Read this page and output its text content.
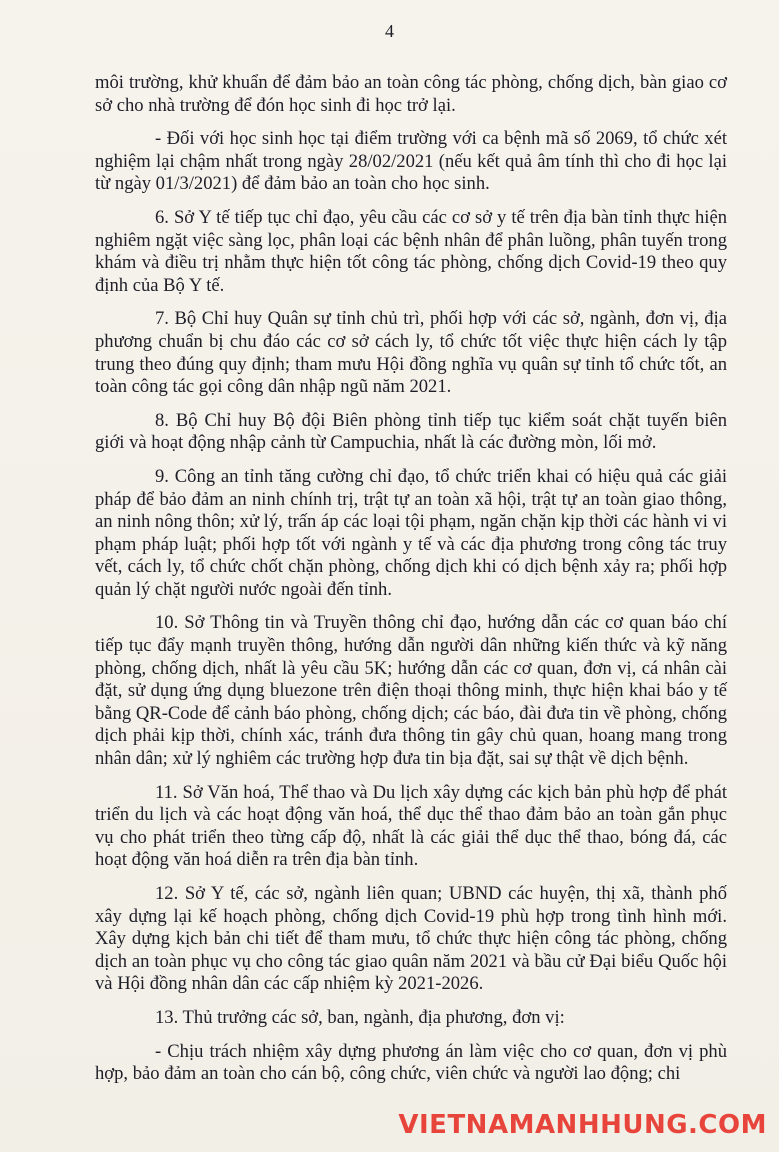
4

môi trường, khử khuẩn để đảm bảo an toàn công tác phòng, chống dịch, bàn giao cơ sở cho nhà trường để đón học sinh đi học trở lại.

- Đối với học sinh học tại điểm trường với ca bệnh mã số 2069, tổ chức xét nghiệm lại chậm nhất trong ngày 28/02/2021 (nếu kết quả âm tính thì cho đi học lại từ ngày 01/3/2021) để đảm bảo an toàn cho học sinh.

6. Sở Y tế tiếp tục chỉ đạo, yêu cầu các cơ sở y tế trên địa bàn tỉnh thực hiện nghiêm ngặt việc sàng lọc, phân loại các bệnh nhân để phân luồng, phân tuyến trong khám và điều trị nhằm thực hiện tốt công tác phòng, chống dịch Covid-19 theo quy định của Bộ Y tế.

7. Bộ Chỉ huy Quân sự tỉnh chủ trì, phối hợp với các sở, ngành, đơn vị, địa phương chuẩn bị chu đáo các cơ sở cách ly, tổ chức tốt việc thực hiện cách ly tập trung theo đúng quy định; tham mưu Hội đồng nghĩa vụ quân sự tỉnh tổ chức tốt, an toàn công tác gọi công dân nhập ngũ năm 2021.

8. Bộ Chỉ huy Bộ đội Biên phòng tỉnh tiếp tục kiểm soát chặt tuyến biên giới và hoạt động nhập cảnh từ Campuchia, nhất là các đường mòn, lối mở.

9. Công an tỉnh tăng cường chỉ đạo, tổ chức triển khai có hiệu quả các giải pháp để bảo đảm an ninh chính trị, trật tự an toàn xã hội, trật tự an toàn giao thông, an ninh nông thôn; xử lý, trấn áp các loại tội phạm, ngăn chặn kịp thời các hành vi vi phạm pháp luật; phối hợp tốt với ngành y tế và các địa phương trong công tác truy vết, cách ly, tổ chức chốt chặn phòng, chống dịch khi có dịch bệnh xảy ra; phối hợp quản lý chặt người nước ngoài đến tỉnh.

10. Sở Thông tin và Truyền thông chỉ đạo, hướng dẫn các cơ quan báo chí tiếp tục đẩy mạnh truyền thông, hướng dẫn người dân những kiến thức và kỹ năng phòng, chống dịch, nhất là yêu cầu 5K; hướng dẫn các cơ quan, đơn vị, cá nhân cài đặt, sử dụng ứng dụng bluezone trên điện thoại thông minh, thực hiện khai báo y tế bằng QR-Code để cảnh báo phòng, chống dịch; các báo, đài đưa tin về phòng, chống dịch phải kịp thời, chính xác, tránh đưa thông tin gây chủ quan, hoang mang trong nhân dân; xử lý nghiêm các trường hợp đưa tin bịa đặt, sai sự thật về dịch bệnh.

11. Sở Văn hoá, Thể thao và Du lịch xây dựng các kịch bản phù hợp để phát triển du lịch và các hoạt động văn hoá, thể dục thể thao đảm bảo an toàn gắn phục vụ cho phát triển theo từng cấp độ, nhất là các giải thể dục thể thao, bóng đá, các hoạt động văn hoá diễn ra trên địa bàn tỉnh.

12. Sở Y tế, các sở, ngành liên quan; UBND các huyện, thị xã, thành phố xây dựng lại kế hoạch phòng, chống dịch Covid-19 phù hợp trong tình hình mới. Xây dựng kịch bản chi tiết để tham mưu, tổ chức thực hiện công tác phòng, chống dịch an toàn phục vụ cho công tác giao quân năm 2021 và bầu cử Đại biểu Quốc hội và Hội đồng nhân dân các cấp nhiệm kỳ 2021-2026.

13. Thủ trưởng các sở, ban, ngành, địa phương, đơn vị:

- Chịu trách nhiệm xây dựng phương án làm việc cho cơ quan, đơn vị phù hợp, bảo đảm an toàn cho cán bộ, công chức, viên chức và người lao động; chi

VIETNAMANHHUNG.COM
